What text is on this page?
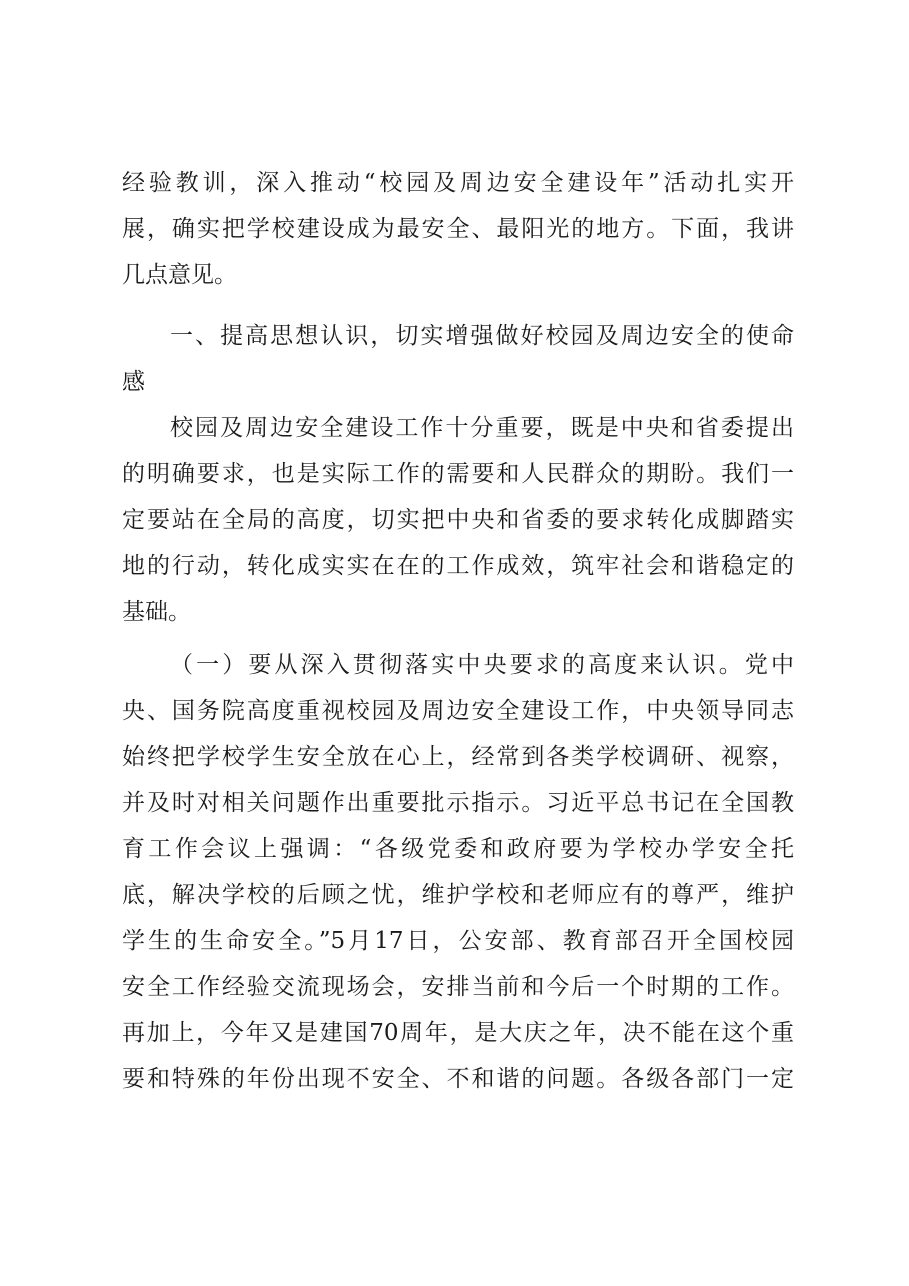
经验教训，深入推动“校园及周边安全建设年”活动扎实开
展，确实把学校建设成为最安全、最阳光的地方。下面，我讲
几点意见。
一、提高思想认识，切实增强做好校园及周边安全的使命
感
校园及周边安全建设工作十分重要，既是中央和省委提出
的明确要求，也是实际工作的需要和人民群众的期盼。我们一
定要站在全局的高度，切实把中央和省委的要求转化成脚踏实
地的行动，转化成实实在在的工作成效，筑牢社会和谐稳定的
基础。
（一）要从深入贯彻落实中央要求的高度来认识。党中
央、国务院高度重视校园及周边安全建设工作，中央领导同志
始终把学校学生安全放在心上，经常到各类学校调研、视察，
并及时对相关问题作出重要批示指示。习近平总书记在全国教
育工作会议上强调：“各级党委和政府要为学校办学安全托
底，解决学校的后顾之忧，维护学校和老师应有的尊严，维护
学生的生命安全。”5月17日，公安部、教育部召开全国校园
安全工作经验交流现场会，安排当前和今后一个时期的工作。
再加上，今年又是建国70周年，是大庆之年，决不能在这个重
要和特殊的年份出现不安全、不和谐的问题。各级各部门一定
